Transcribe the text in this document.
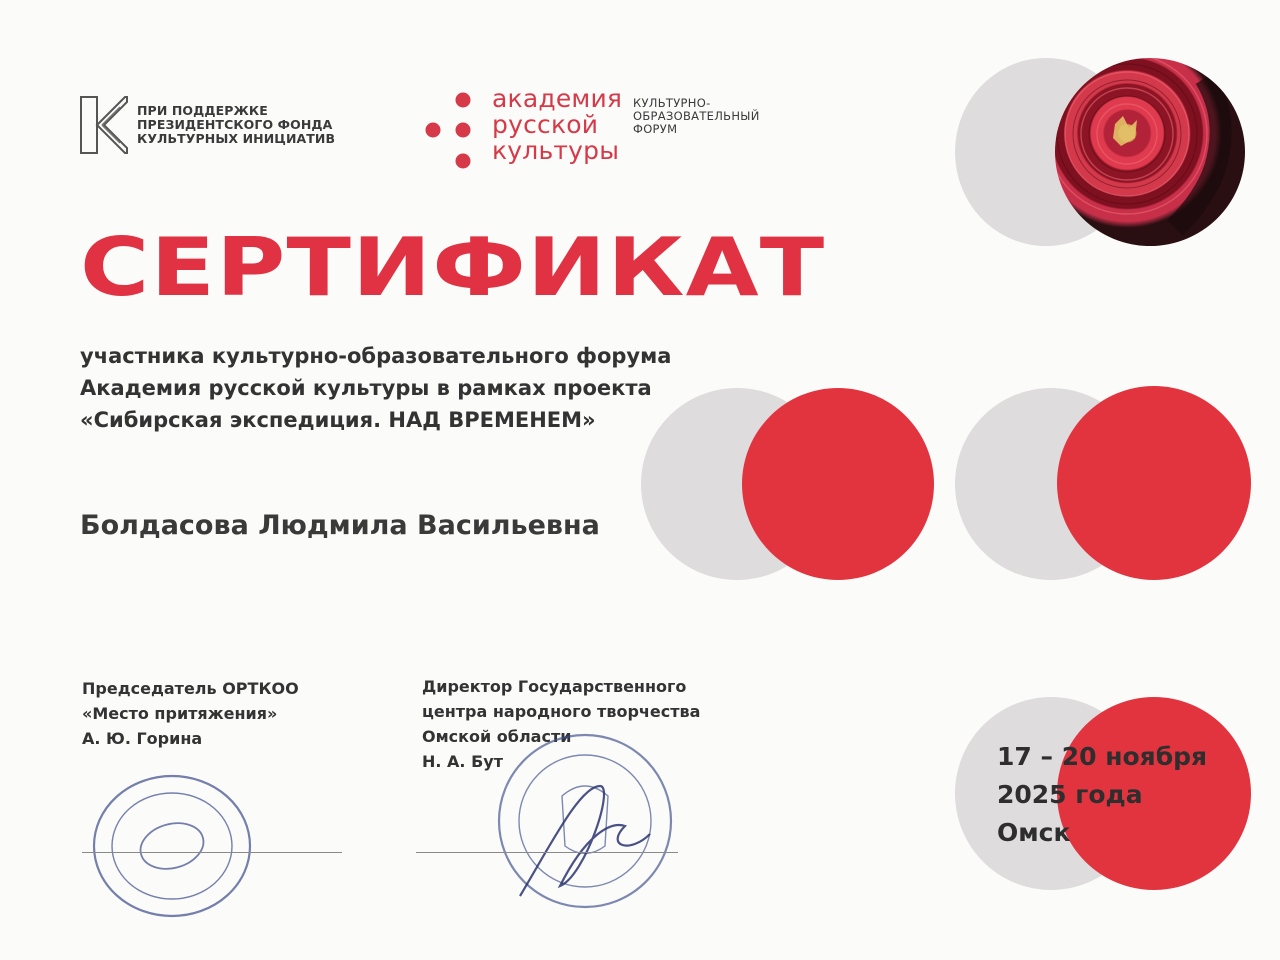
ПРИ ПОДДЕРЖКЕ
ПРЕЗИДЕНТСКОГО ФОНДА
КУЛЬТУРНЫХ ИНИЦИАТИВ
академия
русской
культуры
КУЛЬТУРНО-
ОБРАЗОВАТЕЛЬНЫЙ
ФОРУМ
СЕРТИФИКАТ
участника культурно-образовательного форума
Академия русской культуры в рамках проекта
«Сибирская экспедиция. НАД ВРЕМЕНЕМ»
Болдасова Людмила Васильевна
Председатель ОРТКОО
«Место притяжения»
А. Ю. Горина
Директор Государственного
центра народного творчества
Омской области
Н. А. Бут	17 – 20 ноября
2025 года
Омск
